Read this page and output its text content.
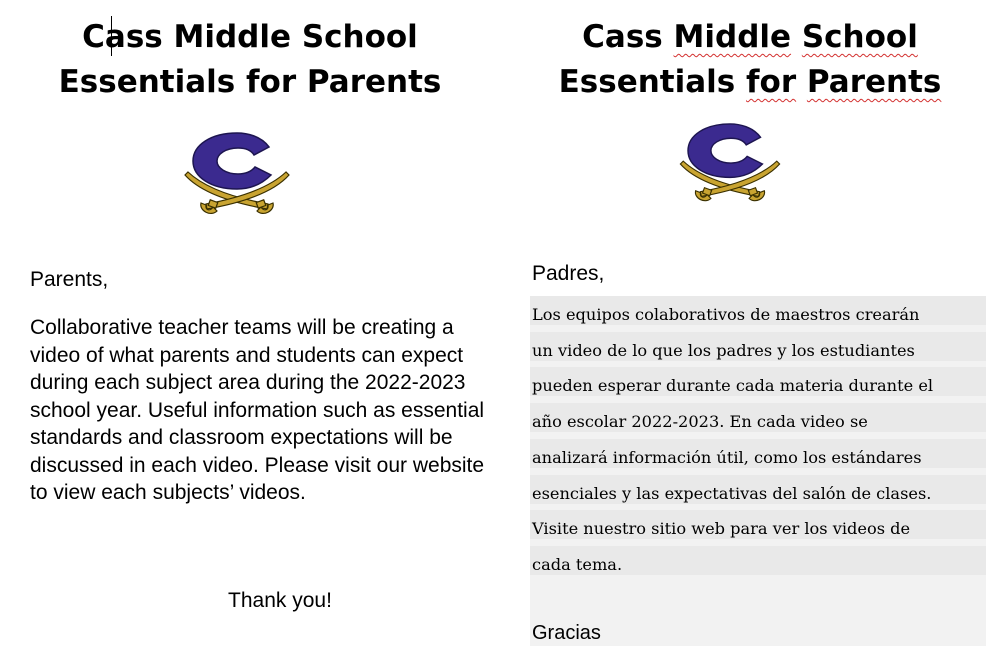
Cass Middle School
Essentials for Parents

Parents,

Collaborative teacher teams will be creating a video of what parents and students can expect during each subject area during the 2022-2023 school year. Useful information such as essential standards and classroom expectations will be discussed in each video. Please visit our website to view each subjects’ videos.

Thank you!

Cass Middle School
Essentials for Parents

Padres,

Los equipos colaborativos de maestros crearán
un video de lo que los padres y los estudiantes
pueden esperar durante cada materia durante el
año escolar 2022-2023. En cada video se
analizará información útil, como los estándares
esenciales y las expectativas del salón de clases.
Visite nuestro sitio web para ver los videos de
cada tema.

Gracias
